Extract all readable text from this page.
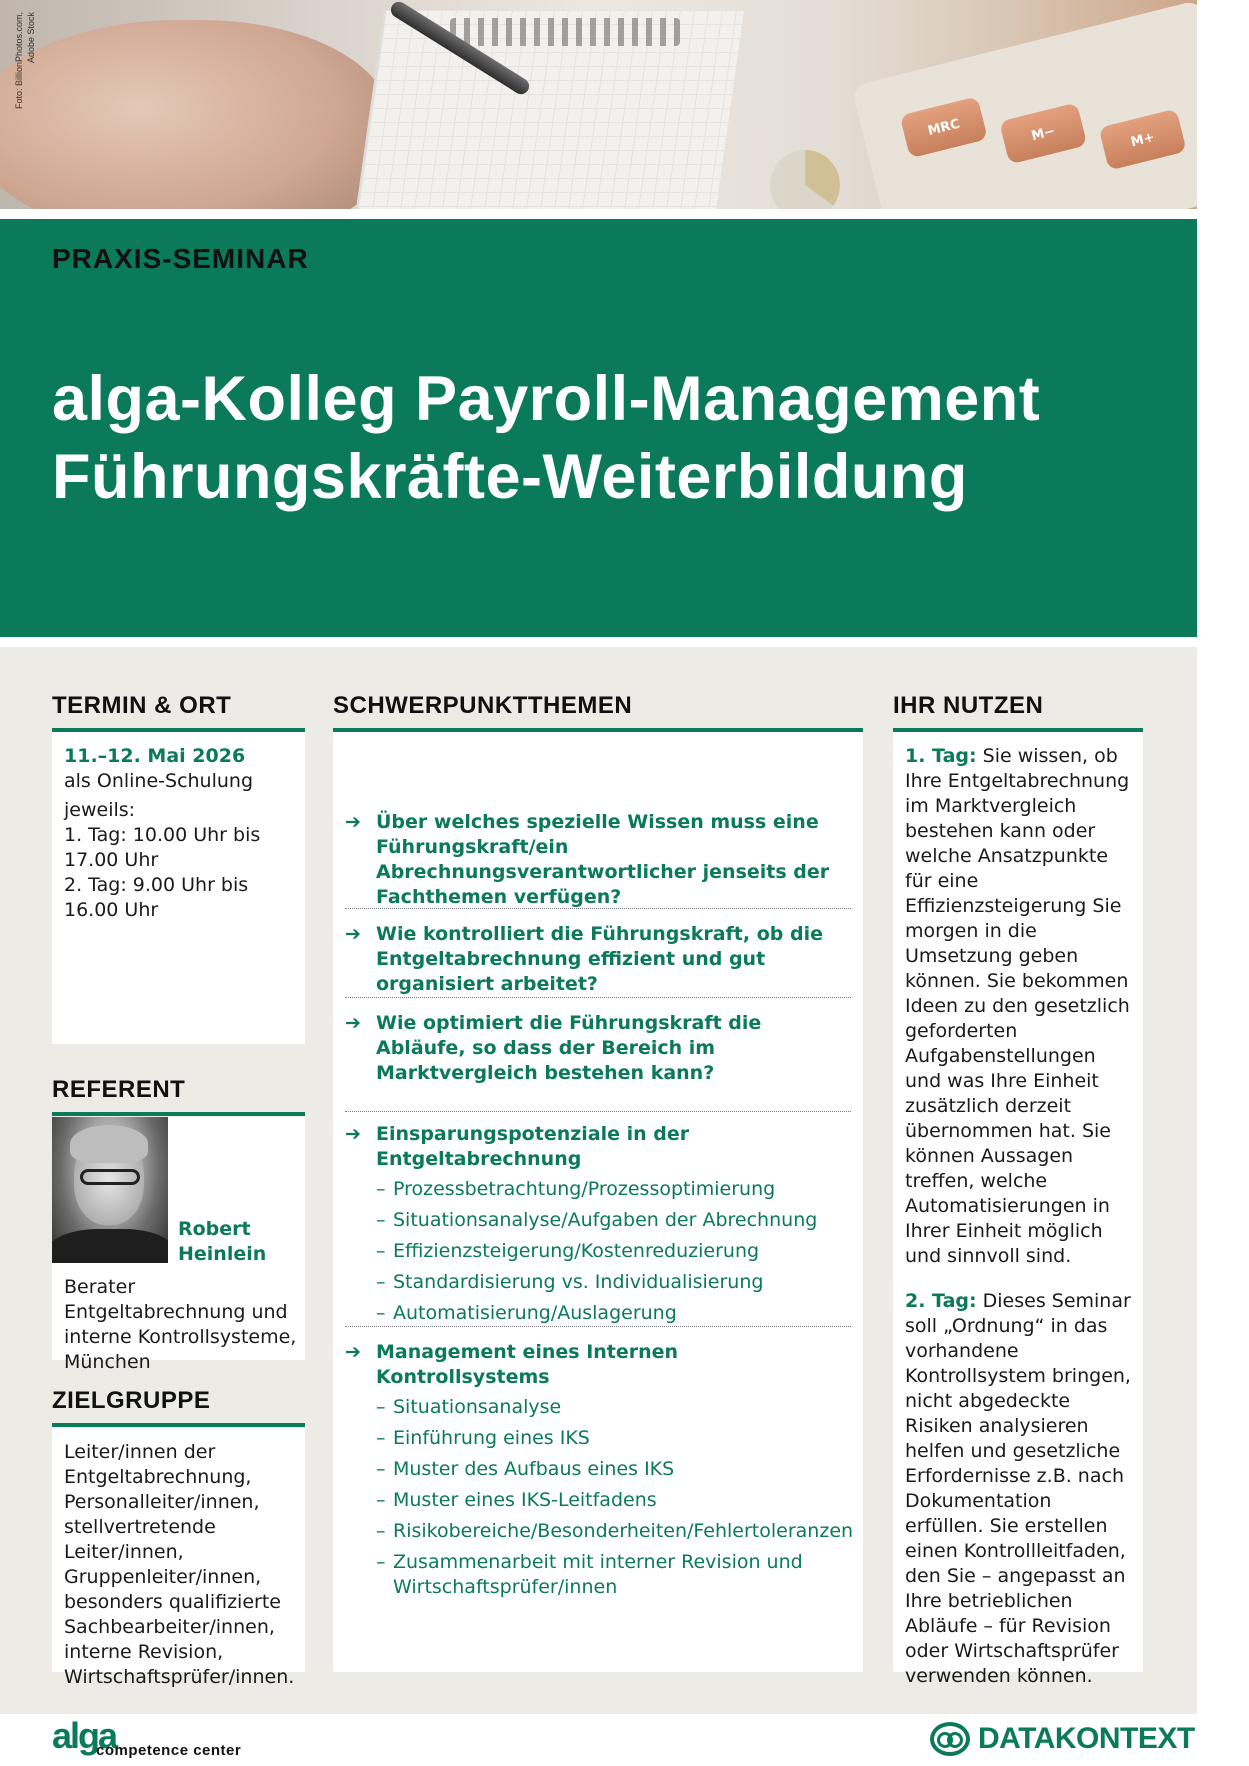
MRC	M−	M+
Foto: BillionPhotos.com, Adobe Stock
PRAXIS-SEMINAR
alga-Kolleg Payroll-Management
Führungskräfte-Weiterbildung
TERMIN & ORT
11.–12. Mai 2026
als Online-Schulung
jeweils:
1. Tag: 10.00 Uhr bis 17.00 Uhr
2. Tag: 9.00 Uhr bis 16.00 Uhr
REFERENT
Robert
Heinlein
Berater Entgeltabrechnung und interne Kontrollsysteme, München
ZIELGRUPPE
Leiter/innen der Entgeltabrechnung, Personalleiter/innen, stellvertretende Leiter/innen, Gruppenleiter/innen, besonders qualifizierte Sachbearbeiter/innen, interne Revision, Wirtschaftsprüfer/innen.
SCHWERPUNKTTHEMEN
➔ Über welches spezielle Wissen muss eine Führungskraft/ein Abrechnungsverantwortlicher jenseits der Fachthemen verfügen?
➔ Wie kontrolliert die Führungskraft, ob die Entgeltabrechnung effizient und gut organisiert arbeitet?
➔ Wie optimiert die Führungskraft die Abläufe, so dass der Bereich im Marktvergleich bestehen kann?
➔ Einsparungspotenziale in der Entgeltabrechnung
– Prozessbetrachtung/Prozessoptimierung
– Situationsanalyse/Aufgaben der Abrechnung
– Effizienzsteigerung/Kostenreduzierung
– Standardisierung vs. Individualisierung
– Automatisierung/Auslagerung
➔ Management eines Internen Kontrollsystems
– Situationsanalyse
– Einführung eines IKS
– Muster des Aufbaus eines IKS
– Muster eines IKS-Leitfadens
– Risikobereiche/Besonderheiten/Fehlertoleranzen
– Zusammenarbeit mit interner Revision und Wirtschaftsprüfer/innen
IHR NUTZEN

1. Tag: Sie wissen, ob Ihre Entgeltabrechnung im Marktvergleich bestehen kann oder welche Ansatzpunkte für eine Effizienzsteigerung Sie morgen in die Umsetzung geben können. Sie bekommen Ideen zu den gesetzlich geforderten Aufgabenstellungen und was Ihre Einheit zusätzlich derzeit übernommen hat. Sie können Aussagen treffen, welche Automatisierungen in Ihrer Einheit möglich und sinnvoll sind.

2. Tag: Dieses Seminar soll „Ordnung“ in das vorhandene Kontrollsystem bringen, nicht abgedeckte Risiken analysieren helfen und gesetzliche Erfordernisse z.B. nach Dokumentation erfüllen. Sie erstellen einen Kontrollleitfaden, den Sie – angepasst an Ihre betrieblichen Abläufe – für Revision oder Wirtschaftsprüfer verwenden können.

alga
competence center	DATAKONTEXT
